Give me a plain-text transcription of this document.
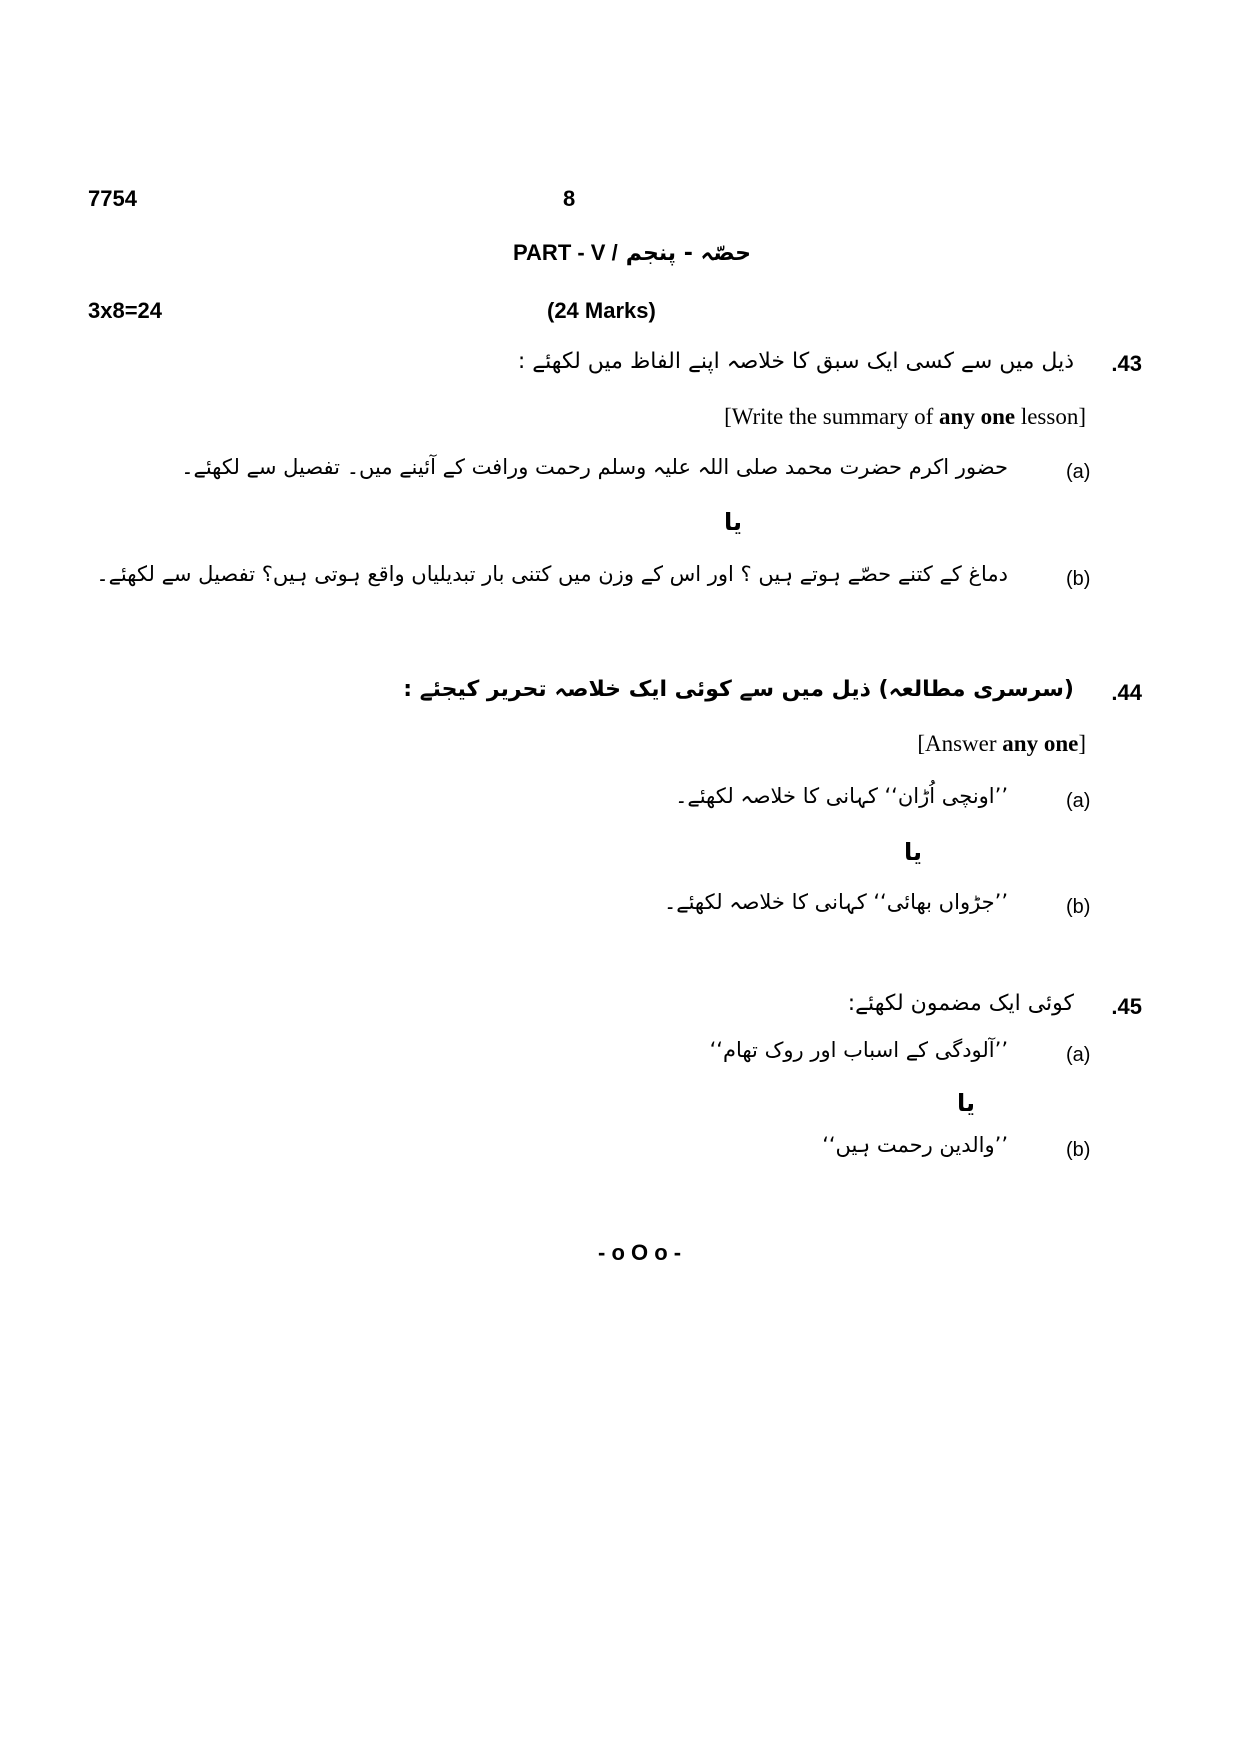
7754	8
PART - V / حصّہ - پنجم
3x8=24	(24 Marks)
.43
ذیل میں سے کسی ایک سبق کا خلاصہ اپنے الفاظ میں لکھئے :
[Write the summary of any one lesson]
(a)
حضور اکرم حضرت محمد صلی اللہ علیہ وسلم رحمت ورافت کے آئینے میں۔ تفصیل سے لکھئے۔
یا
(b)
دماغ کے کتنے حصّے ہوتے ہیں ؟ اور اس کے وزن میں کتنی بار تبدیلیاں واقع ہوتی ہیں؟ تفصیل سے لکھئے۔
.44
(سرسری مطالعہ) ذیل میں سے کوئی ایک خلاصہ تحریر کیجئے :
[Answer any one]
(a)
’’اونچی اُڑان‘‘ کہانی کا خلاصہ لکھئے۔
یا
(b)
’’جڑواں بھائی‘‘ کہانی کا خلاصہ لکھئے۔
.45
کوئی ایک مضمون لکھئے:
(a)
’’آلودگی کے اسباب اور روک تھام‘‘
یا
(b)
’’والدین رحمت ہیں‘‘
- o O o -
